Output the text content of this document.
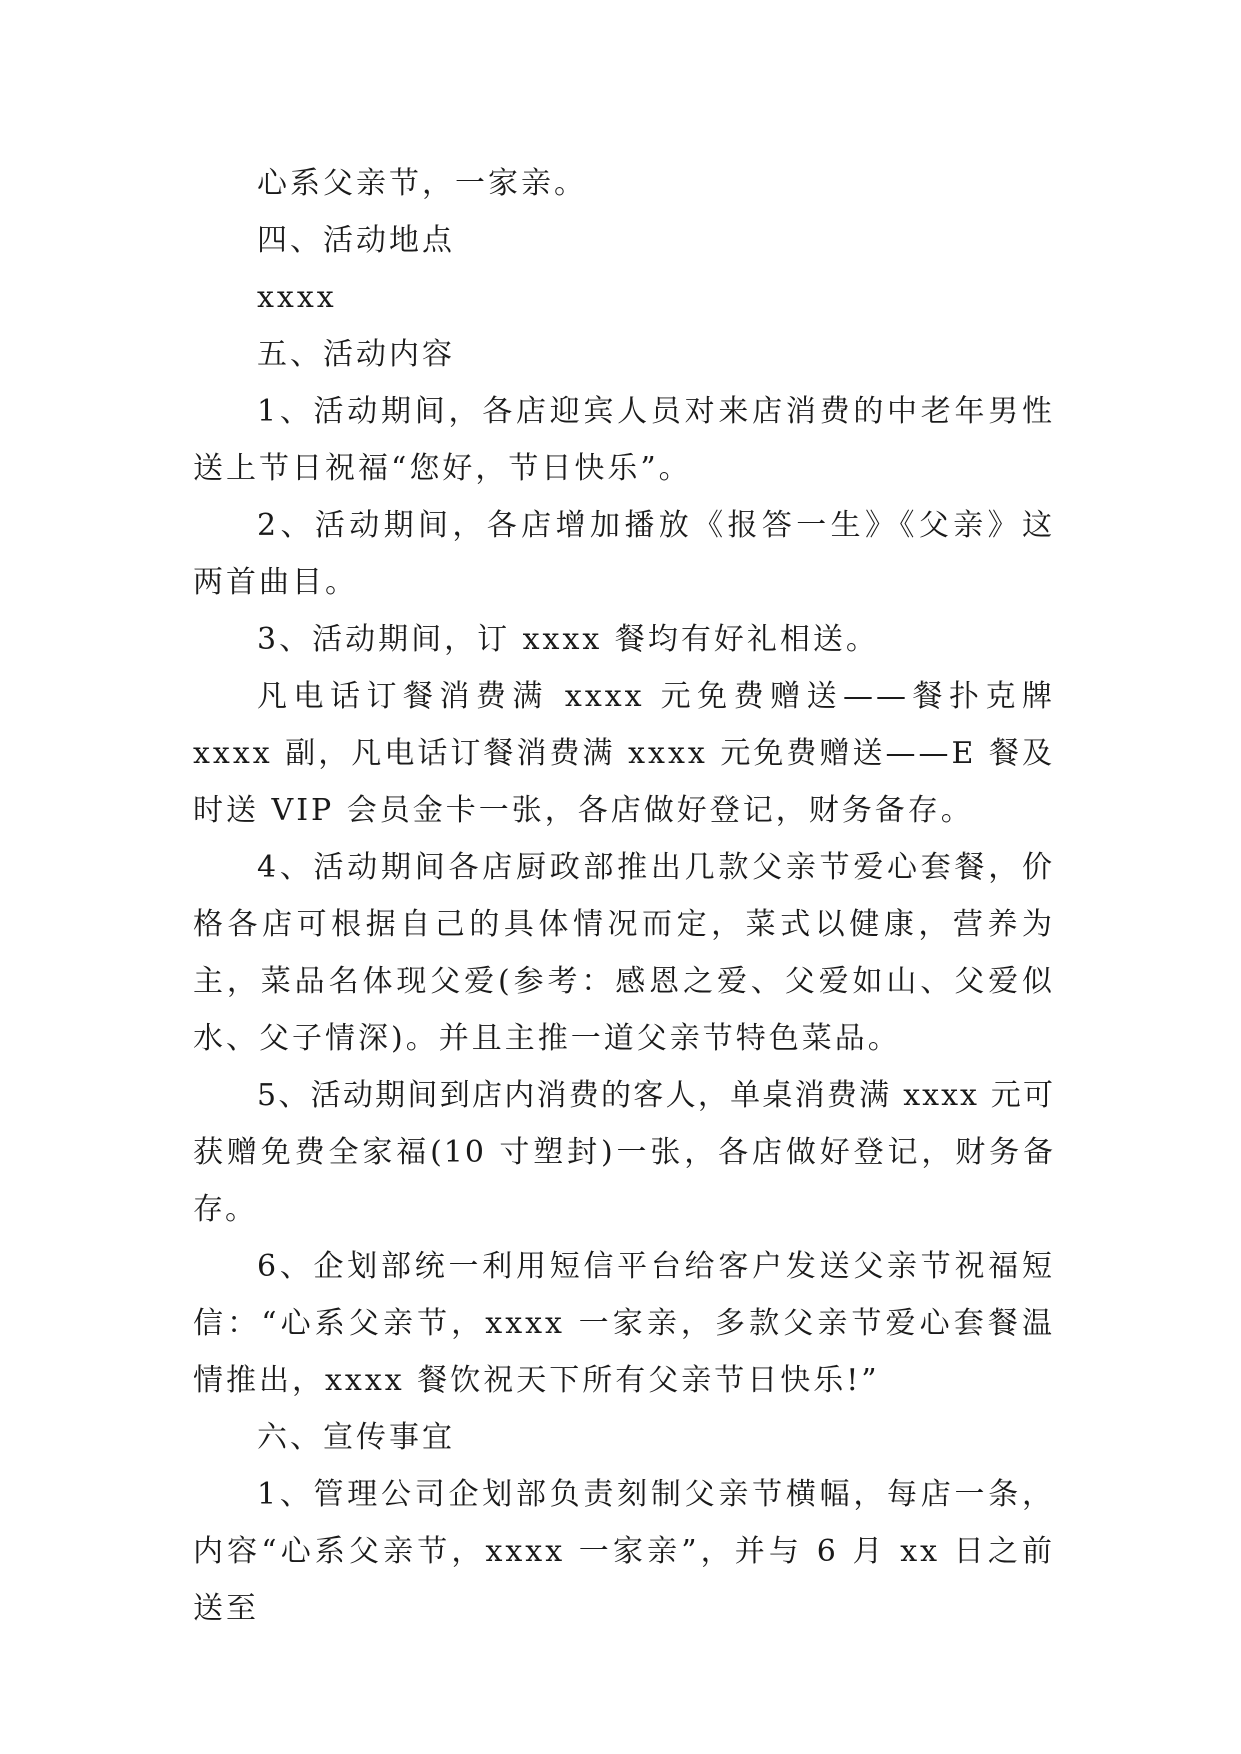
心系父亲节，一家亲。

四、活动地点

xxxx

五、活动内容

1、活动期间，各店迎宾人员对来店消费的中老年男性送上节日祝福“您好，节日快乐”。

2、活动期间，各店增加播放《报答一生》《父亲》这两首曲目。

3、活动期间，订 xxxx 餐均有好礼相送。

凡电话订餐消费满 xxxx 元免费赠送——餐扑克牌 xxxx 副，凡电话订餐消费满 xxxx 元免费赠送——E 餐及时送 VIP 会员金卡一张，各店做好登记，财务备存。

4、活动期间各店厨政部推出几款父亲节爱心套餐，价格各店可根据自己的具体情况而定，菜式以健康，营养为主，菜品名体现父爱(参考：感恩之爱、父爱如山、父爱似水、父子情深)。并且主推一道父亲节特色菜品。

5、活动期间到店内消费的客人，单桌消费满 xxxx 元可获赠免费全家福(10 寸塑封)一张，各店做好登记，财务备存。

6、企划部统一利用短信平台给客户发送父亲节祝福短信：“心系父亲节，xxxx 一家亲，多款父亲节爱心套餐温情推出，xxxx 餐饮祝天下所有父亲节日快乐!”

六、宣传事宜

1、管理公司企划部负责刻制父亲节横幅，每店一条，内容“心系父亲节，xxxx 一家亲”，并与 6 月 xx 日之前送至
